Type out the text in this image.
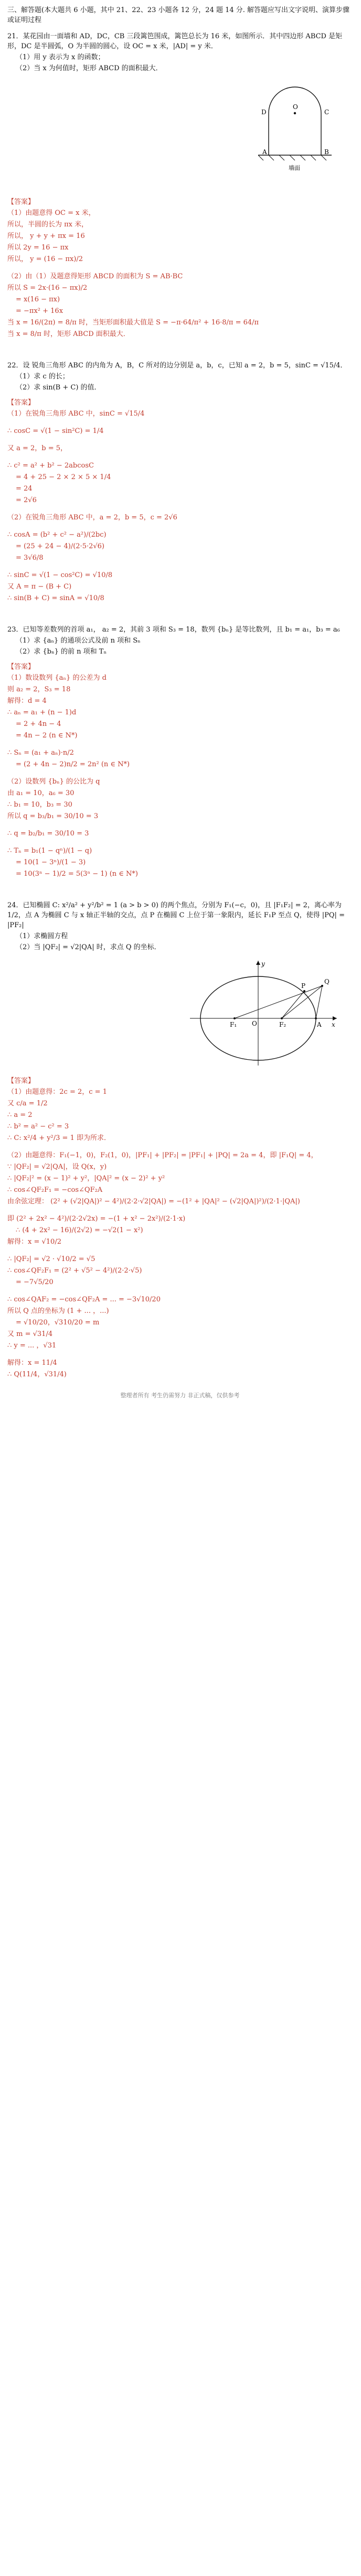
三、解答题(本大题共 6 小题，其中 21、22、23 小题各 12 分，24 题 14 分. 解答题应写出文字说明、演算步骤或证明过程

21．某花园由一面墙和 AD，DC，CB 三段篱笆围成，篱笆总长为 16 米，如图所示．其中四边形 ABCD 是矩形，DC 是半圆弧，O 为半圆的圆心，设 OC = x 米，|AD| = y 米．

（1）用 y 表示为 x 的函数；

（2）当 x 为何值时，矩形 ABCD 的面积最大．

O
D	C
A	B
墙面
【答案】

（1）由题意得 OC = x 米，

所以，半圆的长为 πx 米，

所以， y + y + πx = 16

所以 2y = 16 − πx

所以， y = (16 − πx)/2

（2）由（1）及题意得矩形 ABCD 的面积为 S = AB·BC

所以 S = 2x·(16 − πx)/2

= x(16 − πx)

= −πx² + 16x

当 x = 16/(2π) = 8/π 时，当矩形面积最大值是 S = −π·64/π² + 16·8/π = 64/π

当 x = 8/π 时，矩形 ABCD 面积最大．

22．设 锐角三角形 ABC 的内角为 A，B，C 所对的边分别是 a，b，c，已知 a = 2，b = 5，sinC = √15/4．

（1）求 c 的长；

（2）求 sin(B + C) 的值．

【答案】

（1）在锐角三角形 ABC 中，sinC = √15/4

∴ cosC = √(1 − sin²C) = 1/4

又 a = 2，b = 5，

∴ c² = a² + b² − 2abcosC

= 4 + 25 − 2 × 2 × 5 × 1/4

= 24

= 2√6

（2）在锐角三角形 ABC 中，a = 2，b = 5，c = 2√6

∴ cosA = (b² + c² − a²)/(2bc)

= (25 + 24 − 4)/(2·5·2√6)

= 3√6/8

∴ sinC = √(1 − cos²C) = √10/8

又 A = π − (B + C)

∴ sin(B + C) = sinA = √10/8

23．已知等差数列的首项 a₁， a₂ = 2，其前 3 项和 S₃ = 18，数列 {bₙ} 是等比数列，且 b₁ = a₁，b₃ = a₆

（1）求 {aₙ} 的通项公式及前 n 项和 Sₙ

（2）求 {bₙ} 的前 n 项和 Tₙ

【答案】

（1）数设数列 {aₙ} 的公差为 d

则 a₂ = 2，S₃ = 18

解得：d = 4

∴ aₙ = a₁ + (n − 1)d

= 2 + 4n − 4

= 4n − 2 (n ∈ N*)

∴ Sₙ = (a₁ + aₙ)·n/2

= (2 + 4n − 2)n/2 = 2n² (n ∈ N*)

（2）设数列 {bₙ} 的公比为 q

由 a₁ = 10，a₆ = 30

∴ b₁ = 10，b₃ = 30

所以 q = b₃/b₁ = 30/10 = 3

∴ q = b₂/b₁ = 30/10 = 3

∴ Tₙ = b₁(1 − qⁿ)/(1 − q)

= 10(1 − 3ⁿ)/(1 − 3)

= 10(3ⁿ − 1)/2 = 5(3ⁿ − 1) (n ∈ N*)

24．已知椭圆 C: x²/a² + y²/b² = 1 (a > b > 0) 的两个焦点，分别为 F₁(−c，0)，且 |F₁F₂| = 2，离心率为 1/2，点 A 为椭圆 C 与 x 轴正半轴的交点，点 P 在椭圆 C 上位于第一象限内，延长 F₁P 至点 Q，使得 |PQ| = |PF₂|

（1）求椭圆方程

（2）当 |QF₂| = √2|QA| 时，求点 Q 的坐标．

y
x
P
Q
F₁	F₂	A
O
【答案】

（1）由题意得：2c = 2，c = 1

又 c/a = 1/2

∴ a = 2

∴ b² = a² − c² = 3

∴ C: x²/4 + y²/3 = 1 即为所求．

（2）由题意得：F₁(−1，0)，F₂(1，0)，|PF₁| + |PF₂| = |PF₁| + |PQ| = 2a = 4，即 |F₁Q| = 4，

∵ |QF₂| = √2|QA|，设 Q(x，y)

∴ |QF₂|² = (x − 1)² + y²，|QA|² = (x − 2)² + y²

∴ cos∠QF₂F₁ = −cos∠QF₂A

由余弦定理： (2² + (√2|QA|)² − 4²)/(2·2·√2|QA|) = −(1² + |QA|² − (√2|QA|)²)/(2·1·|QA|)

即 (2² + 2x² − 4²)/(2·2√2x) = −(1 + x² − 2x²)/(2·1·x)

∴ (4 + 2x² − 16)/(2√2) = −√2(1 − x²)

解得：x = √10/2

∴ |QF₂| = √2 · √10/2 = √5

∴ cos∠QF₂F₁ = (2² + √5² − 4²)/(2·2·√5)

= −7√5/20

∴ cos∠QAF₂ = −cos∠QF₂A = ... = −3√10/20

所以 Q 点的坐标为 (1 + ... ，...)

= √10/20，√310/20 = m

又 m = √31/4

∴ y = ... ，√31

解得：x = 11/4

∴ Q(11/4，√31/4)

整理者所有 考生仍需努力 非正式稿，仅供参考
